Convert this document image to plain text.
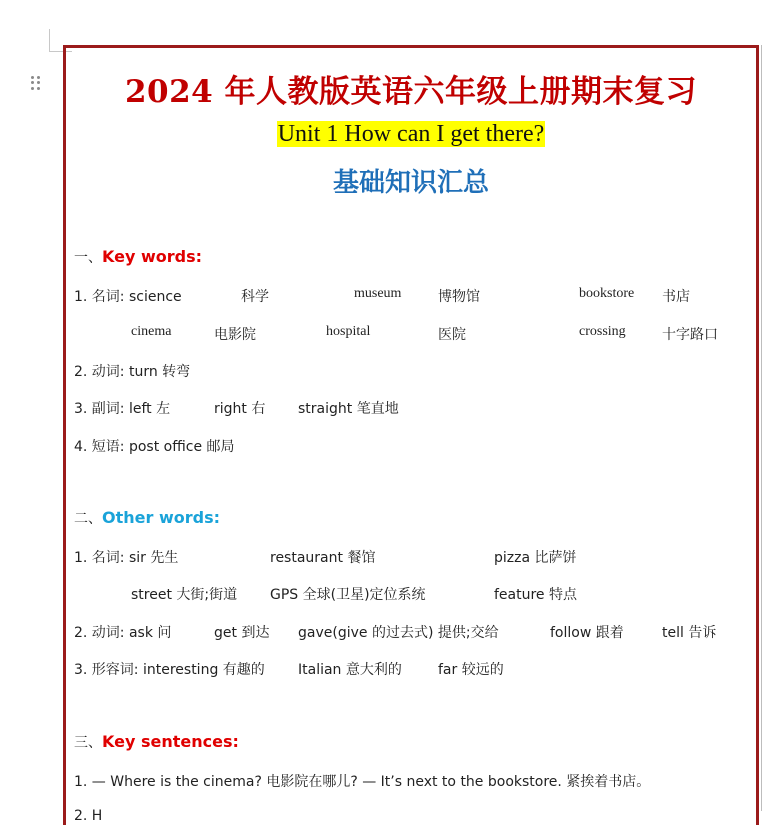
2024 年人教版英语六年级上册期末复习
Unit 1 How can I get there?
基础知识汇总
一、Key words:
1. 名词: science	科学	museum	博物馆	bookstore 书店
cinema	电影院	hospital	医院	crossing	十字路口
2. 动词: turn 转弯
3. 副词: left 左	right 右 straight 笔直地
4. 短语: post office 邮局
二、Other words:
1. 名词: sir 先生	restaurant 餐馆	pizza 比萨饼
street 大街;街道 GPS 全球(卫星)定位系统	feature 特点
2. 动词: ask 问	get 到达 gave(give 的过去式) 提供;交给	follow 跟着	tell 告诉
3. 形容词: interesting 有趣的 Italian 意大利的	far 较远的
三、Key sentences:
1. — Where is the cinema? 电影院在哪儿? — It’s next to the bookstore. 紧挨着书店。
2. H
